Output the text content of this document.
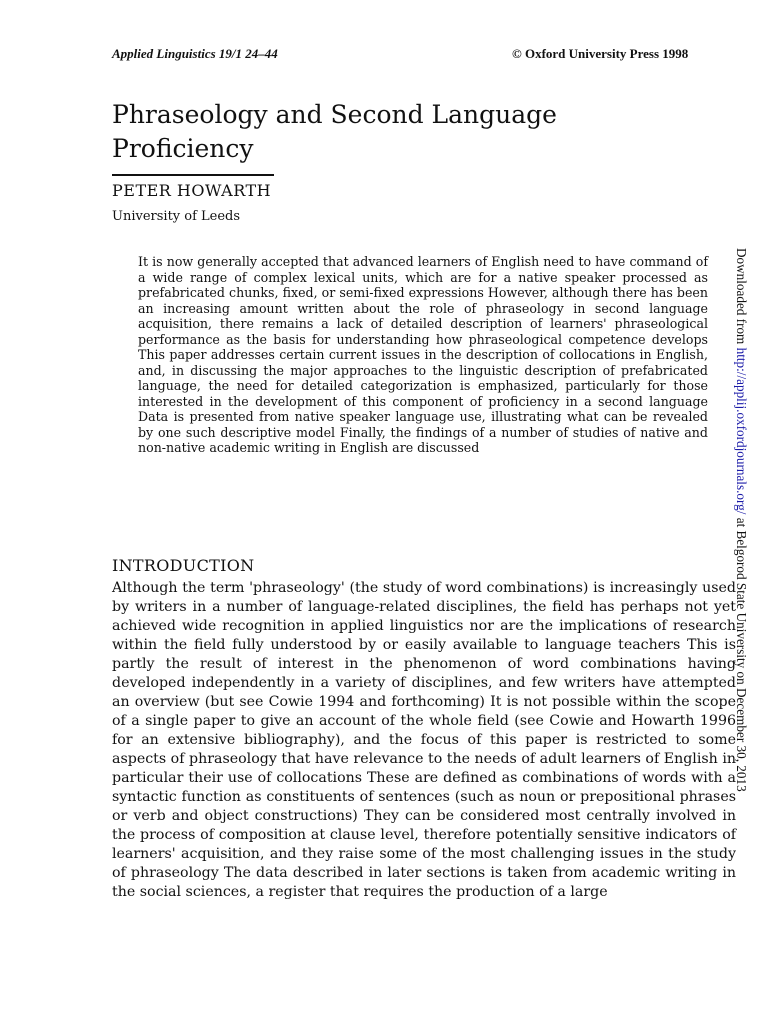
Applied Linguistics 19/1 24–44	© Oxford University Press 1998
Phraseology and Second Language Proficiency
PETER HOWARTH
University of Leeds

It is now generally accepted that advanced learners of English need to have command of a wide range of complex lexical units, which are for a native speaker processed as prefabricated chunks, fixed, or semi-fixed expressions However, although there has been an increasing amount written about the role of phraseology in second language acquisition, there remains a lack of detailed description of learners' phraseological performance as the basis for understanding how phraseological competence develops This paper addresses certain current issues in the description of collocations in English, and, in discussing the major approaches to the linguistic description of prefabricated language, the need for detailed categorization is emphasized, particularly for those interested in the development of this component of proficiency in a second language Data is presented from native speaker language use, illustrating what can be revealed by one such descriptive model Finally, the findings of a number of studies of native and non-native academic writing in English are discussed

INTRODUCTION

Although the term 'phraseology' (the study of word combinations) is increasingly used by writers in a number of language-related disciplines, the field has perhaps not yet achieved wide recognition in applied linguistics nor are the implications of research within the field fully understood by or easily available to language teachers This is partly the result of interest in the phenomenon of word combinations having developed independently in a variety of disciplines, and few writers have attempted an overview (but see Cowie 1994 and forthcoming) It is not possible within the scope of a single paper to give an account of the whole field (see Cowie and Howarth 1996 for an extensive bibliography), and the focus of this paper is restricted to some aspects of phraseology that have relevance to the needs of adult learners of English in particular their use of collocations These are defined as combinations of words with a syntactic function as constituents of sentences (such as noun or prepositional phrases or verb and object constructions) They can be considered most centrally involved in the process of composition at clause level, therefore potentially sensitive indicators of learners' acquisition, and they raise some of the most challenging issues in the study of phraseology The data described in later sections is taken from academic writing in the social sciences, a register that requires the production of a large

Downloaded from http://applij.oxfordjournals.org/ at Belgorod State University on December 30, 2013
